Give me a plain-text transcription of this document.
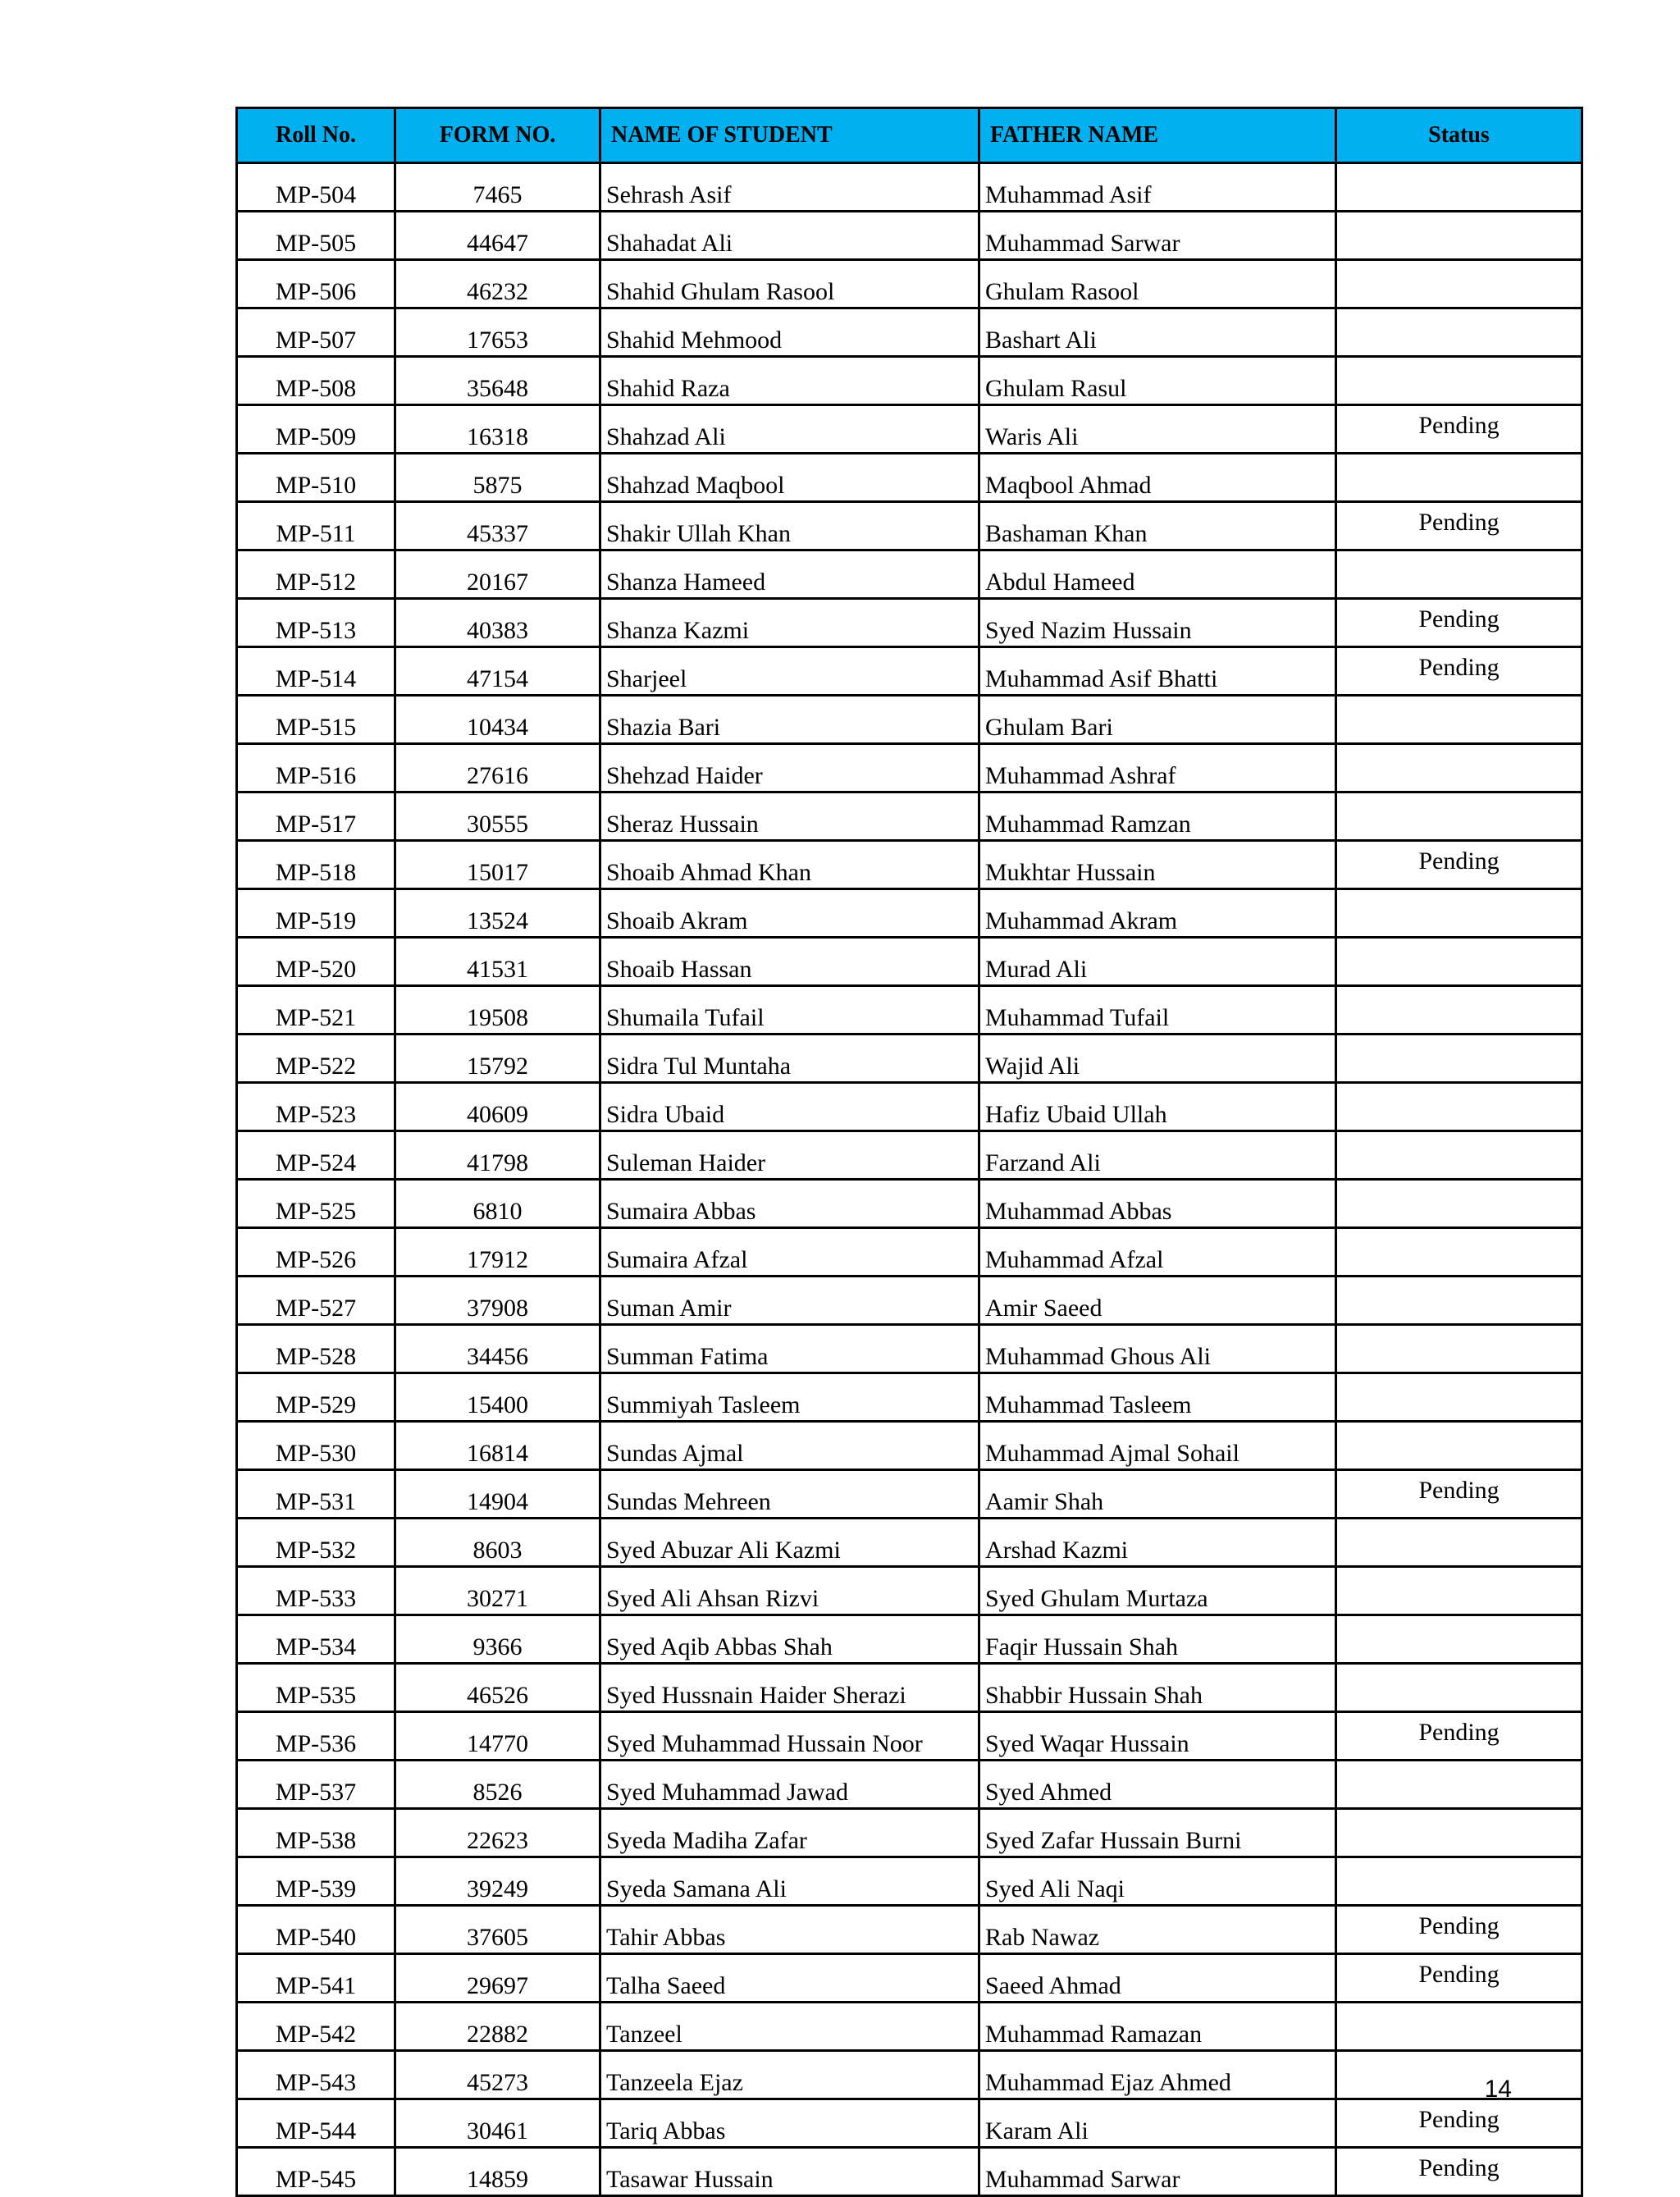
Roll No.	FORM NO.	NAME OF STUDENT	FATHER NAME	Status
MP-504	7465	Sehrash Asif	Muhammad Asif	
MP-505	44647	Shahadat Ali	Muhammad Sarwar	
MP-506	46232	Shahid Ghulam Rasool	Ghulam Rasool	
MP-507	17653	Shahid Mehmood	Bashart Ali	
MP-508	35648	Shahid Raza	Ghulam Rasul	
MP-509	16318	Shahzad Ali	Waris Ali	Pending
MP-510	5875	Shahzad Maqbool	Maqbool Ahmad	
MP-511	45337	Shakir Ullah Khan	Bashaman Khan	Pending
MP-512	20167	Shanza Hameed	Abdul Hameed	
MP-513	40383	Shanza Kazmi	Syed Nazim Hussain	Pending
MP-514	47154	Sharjeel	Muhammad Asif Bhatti	Pending
MP-515	10434	Shazia Bari	Ghulam Bari	
MP-516	27616	Shehzad Haider	Muhammad Ashraf	
MP-517	30555	Sheraz Hussain	Muhammad Ramzan	
MP-518	15017	Shoaib Ahmad Khan	Mukhtar Hussain	Pending
MP-519	13524	Shoaib Akram	Muhammad Akram	
MP-520	41531	Shoaib Hassan	Murad Ali	
MP-521	19508	Shumaila Tufail	Muhammad Tufail	
MP-522	15792	Sidra Tul Muntaha	Wajid Ali	
MP-523	40609	Sidra Ubaid	Hafiz Ubaid Ullah	
MP-524	41798	Suleman Haider	Farzand Ali	
MP-525	6810	Sumaira Abbas	Muhammad Abbas	
MP-526	17912	Sumaira Afzal	Muhammad Afzal	
MP-527	37908	Suman Amir	Amir Saeed	
MP-528	34456	Summan Fatima	Muhammad Ghous Ali	
MP-529	15400	Summiyah Tasleem	Muhammad Tasleem	
MP-530	16814	Sundas Ajmal	Muhammad Ajmal Sohail	
MP-531	14904	Sundas Mehreen	Aamir Shah	Pending
MP-532	8603	Syed Abuzar Ali Kazmi	Arshad Kazmi	
MP-533	30271	Syed Ali Ahsan Rizvi	Syed Ghulam Murtaza	
MP-534	9366	Syed Aqib Abbas Shah	Faqir Hussain Shah	
MP-535	46526	Syed Hussnain Haider Sherazi	Shabbir Hussain Shah	
MP-536	14770	Syed Muhammad Hussain Noor	Syed Waqar Hussain	Pending
MP-537	8526	Syed Muhammad Jawad	Syed Ahmed	
MP-538	22623	Syeda Madiha Zafar	Syed Zafar Hussain Burni	
MP-539	39249	Syeda Samana Ali	Syed Ali Naqi	
MP-540	37605	Tahir Abbas	Rab Nawaz	Pending
MP-541	29697	Talha Saeed	Saeed Ahmad	Pending
MP-542	22882	Tanzeel	Muhammad Ramazan	
MP-543	45273	Tanzeela Ejaz	Muhammad Ejaz Ahmed	
MP-544	30461	Tariq Abbas	Karam Ali	Pending
MP-545	14859	Tasawar Hussain	Muhammad Sarwar	Pending
14
